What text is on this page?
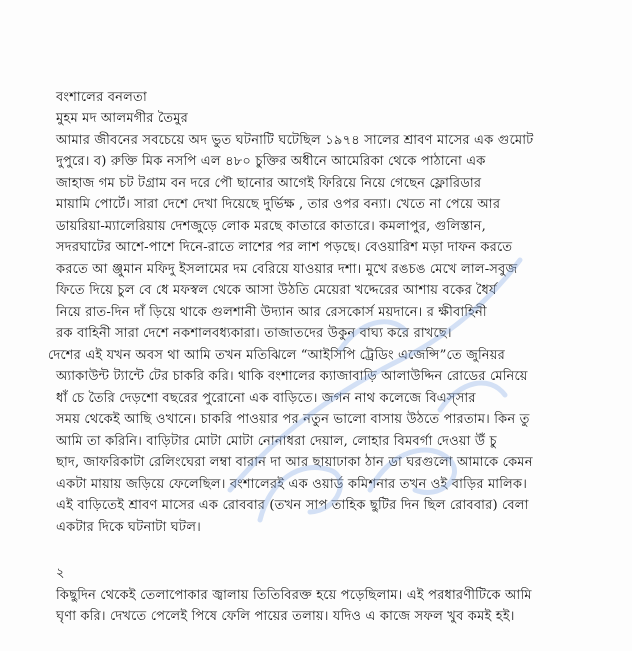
বংশালের বনলতা
মুহম মদ আলমগীর তৈমুর
আমার জীবনের সবচেয়ে অদ ভুত ঘটনাটি ঘটেছিল ১৯৭৪ সালের শ্রাবণ মাসের এক গুমোট
দুপুরে। ব) রুক্তি মিক নসপি এল ৪৮০ চুক্তির অধীনে আমেরিকা থেকে পাঠানো এক
জাহাজ গম চট টগ্রাম বন দরে পৌ ছানোর আগেই ফিরিয়ে নিয়ে গেছেন ফ্লোরিডার
মায়ামি পোর্টে। সারা দেশে দেখা দিয়েছে দুর্ভিক্ষ , তার ওপর বন্যা। খেতে না পেয়ে আর
ডায়রিয়া-ম্যালেরিয়ায় দেশজুড়ে লোক মরছে কাতারে কাতারে। কমলাপুর, গুলিস্তান,
সদরঘাটের আশে-পাশে দিনে-রাতে লাশের পর লাশ পড়ছে। বেওয়ারিশ মড়া দাফন করতে
করতে আ ঞ্জুমান মফিদু ইসলামের দম বেরিয়ে যাওয়ার দশা। মুখে রঙচঙ মেখে লাল-সবুজ
ফিতে দিয়ে চুল বে ধে মফস্বল থেকে আসা উঠতি মেয়েরা খদ্দেরের আশায় বকের ধৈর্য
নিয়ে রাত-দিন দাঁ ড়িয়ে থাকে গুলশানী উদ্যান আর রেসকোর্স ময়দানে। র ক্ষীবাহিনী
রক বাহিনী সারা দেশে নকশালবধ্যকারা। তাজাতদের উকুন বাঘ্য করে রাখছে।
দেশের এই যখন অবস থা আমি তখন মতিঝিলে “আইসিপি ট্রেডিং এজেন্সি”তে জুনিয়র
অ্যাকাউন্ট ট্যান্টে টের চাকরি করি। থাকি বংশালের ক্যাজাবাড়ি আলাউদ্দিন রোডের মেনিয়ে
ধাঁ চে তৈরি দেড়শো বছরের পুরোনো এক বাড়িতে। জগন নাথ কলেজে বিএস্সার
সময় থেকেই আছি ওখানে। চাকরি পাওয়ার পর নতুন ভালো বাসায় উঠতে পারতাম। কিন তু
আমি তা করিনি। বাড়িটার মোটা মোটা নোনাধরা দেয়াল, লোহার বিমবর্গা দেওয়া উঁ চু
ছাদ, জাফরিকাটা রেলিংঘেরা লম্বা বারান দা আর ছায়াঢাকা ঠান ডা ঘরগুলো আমাকে কেমন
একটা মায়ায় জড়িয়ে ফেলেছিল। বংশালেরই এক ওয়ার্ড কমিশনার তখন ওই বাড়ির মালিক।
এই বাড়িতেই শ্রাবণ মাসের এক রোববার (তখন সাপ তাহিক ছুটির দিন ছিল রোববার) বেলা
একটার দিকে ঘটনাটা ঘটল।
২
কিছুদিন থেকেই তেলাপোকার জ্বালায় তিতিবিরক্ত হয়ে পড়েছিলাম। এই পরধারণীটিকে আমি
ঘৃণা করি। দেখতে পেলেই পিষে ফেলি পায়ের তলায়। যদিও এ কাজে সফল খুব কমই হই।
